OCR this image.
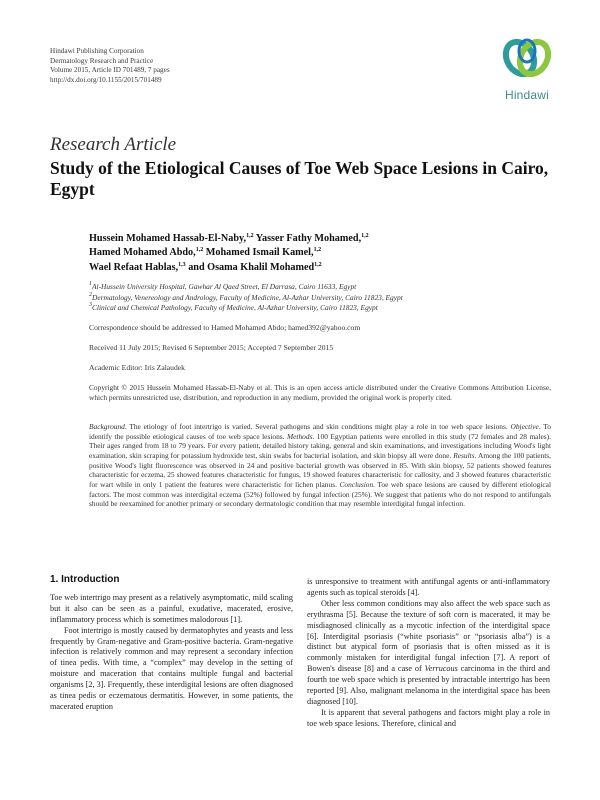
Hindawi Publishing Corporation
Dermatology Research and Practice
Volume 2015, Article ID 701489, 7 pages
http://dx.doi.org/10.1155/2015/701489
Hindawi
Research Article
Study of the Etiological Causes of Toe Web Space Lesions in Cairo, Egypt
Hussein Mohamed Hassab-El-Naby,$^{1,2}$ Yasser Fathy Mohamed,$^{1,2}$
Hamed Mohamed Abdo,$^{1,2}$ Mohamed Ismail Kamel,$^{1,2}$
Wael Refaat Hablas,$^{1,3}$ and Osama Khalil Mohamed$^{1,2}$
$^1$Al-Hussein University Hospital, Gawhar Al Qaed Street, El Darrasa, Cairo 11633, Egypt
$^2$Dermatology, Venereology and Andrology, Faculty of Medicine, Al-Azhar University, Cairo 11823, Egypt
$^3$Clinical and Chemical Pathology, Faculty of Medicine, Al-Azhar University, Cairo 11823, Egypt
Correspondence should be addressed to Hamed Mohamed Abdo; hamed392@yahoo.com
Received 11 July 2015; Revised 6 September 2015; Accepted 7 September 2015
Academic Editor: Iris Zalaudek
Copyright © 2015 Hussein Mohamed Hassab-El-Naby et al. This is an open access article distributed under the Creative Commons Attribution License, which permits unrestricted use, distribution, and reproduction in any medium, provided the original work is properly cited.
Background. The etiology of foot intertrigo is varied. Several pathogens and skin conditions might play a role in toe web space lesions. Objective. To identify the possible etiological causes of toe web space lesions. Methods. 100 Egyptian patients were enrolled in this study (72 females and 28 males). Their ages ranged from 18 to 79 years. For every patient, detailed history taking, general and skin examinations, and investigations including Wood's light examination, skin scraping for potassium hydroxide test, skin swabs for bacterial isolation, and skin biopsy all were done. Results. Among the 100 patients, positive Wood's light fluorescence was observed in 24 and positive bacterial growth was observed in 85. With skin biopsy, 52 patients showed features characteristic for eczema, 25 showed features characteristic for fungus, 19 showed features characteristic for callosity, and 3 showed features characteristic for wart while in only 1 patient the features were characteristic for lichen planus. Conclusion. Toe web space lesions are caused by different etiological factors. The most common was interdigital eczema (52%) followed by fungal infection (25%). We suggest that patients who do not respond to antifungals should be reexamined for another primary or secondary dermatologic condition that may resemble interdigital fungal infection.
1. Introduction

Toe web intertrigo may present as a relatively asymptomatic, mild scaling but it also can be seen as a painful, exudative, macerated, erosive, inflammatory process which is sometimes malodorous [1].

Foot intertrigo is mostly caused by dermatophytes and yeasts and less frequently by Gram-negative and Gram-positive bacteria. Gram-negative infection is relatively common and may represent a secondary infection of tinea pedis. With time, a “complex” may develop in the setting of moisture and maceration that contains multiple fungal and bacterial organisms [2, 3]. Frequently, these interdigital lesions are often diagnosed as tinea pedis or eczematous dermatitis. However, in some patients, the macerated eruption

is unresponsive to treatment with antifungal agents or anti-inflammatory agents such as topical steroids [4].

Other less common conditions may also affect the web space such as erythrasma [5]. Because the texture of soft corn is macerated, it may be misdiagnosed clinically as a mycotic infection of the interdigital space [6]. Interdigital psoriasis (“white psoriasis” or “psoriasis alba”) is a distinct but atypical form of psoriasis that is often missed as it is commonly mistaken for interdigital fungal infection [7]. A report of Bowen's disease [8] and a case of Verrucous carcinoma in the third and fourth toe web space which is presented by intractable intertrigo has been reported [9]. Also, malignant melanoma in the interdigital space has been diagnosed [10].

It is apparent that several pathogens and factors might play a role in toe web space lesions. Therefore, clinical and
